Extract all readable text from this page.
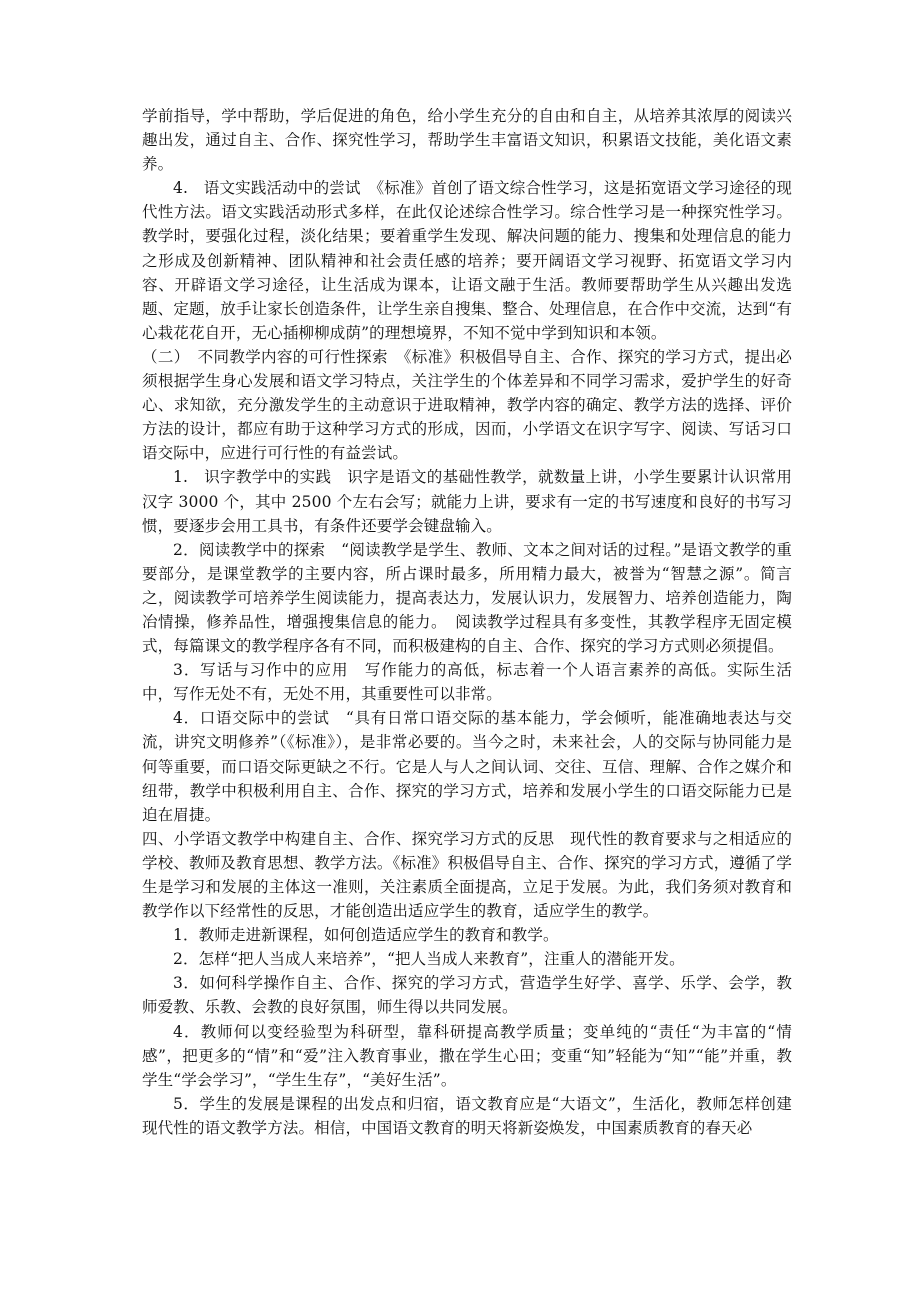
学前指导，学中帮助，学后促进的角色，给小学生充分的自由和自主，从培养其浓厚的阅读兴趣出发，通过自主、合作、探究性学习，帮助学生丰富语文知识，积累语文技能，美化语文素养。

4.　语文实践活动中的尝试　《标准》首创了语文综合性学习，这是拓宽语文学习途径的现代性方法。语文实践活动形式多样，在此仅论述综合性学习。综合性学习是一种探究性学习。教学时，要强化过程，淡化结果；要着重学生发现、解决问题的能力、搜集和处理信息的能力之形成及创新精神、团队精神和社会责任感的培养；要开阔语文学习视野、拓宽语文学习内容、开辟语文学习途径，让生活成为课本，让语文融于生活。教师要帮助学生从兴趣出发选题、定题，放手让家长创造条件，让学生亲自搜集、整合、处理信息，在合作中交流，达到“有心栽花花自开，无心插柳柳成荫”的理想境界，不知不觉中学到知识和本领。

（二）　不同教学内容的可行性探索　《标准》积极倡导自主、合作、探究的学习方式，提出必须根据学生身心发展和语文学习特点，关注学生的个体差异和不同学习需求，爱护学生的好奇心、求知欲，充分激发学生的主动意识于进取精神，教学内容的确定、教学方法的选择、评价方法的设计，都应有助于这种学习方式的形成，因而，小学语文在识字写字、阅读、写话习口语交际中，应进行可行性的有益尝试。

1.　识字教学中的实践　识字是语文的基础性教学，就数量上讲，小学生要累计认识常用汉字 3000 个，其中 2500 个左右会写；就能力上讲，要求有一定的书写速度和良好的书写习惯，要逐步会用工具书，有条件还要学会键盘输入。

2．阅读教学中的探索　“阅读教学是学生、教师、文本之间对话的过程。”是语文教学的重要部分，是课堂教学的主要内容，所占课时最多，所用精力最大，被誉为“智慧之源”。简言之，阅读教学可培养学生阅读能力，提高表达力，发展认识力，发展智力、培养创造能力，陶冶情操，修养品性，增强搜集信息的能力。　阅读教学过程具有多变性，其教学程序无固定模式，每篇课文的教学程序各有不同，而积极建构的自主、合作、探究的学习方式则必须提倡。

3．写话与习作中的应用　写作能力的高低，标志着一个人语言素养的高低。实际生活中，写作无处不有，无处不用，其重要性可以非常。

4．口语交际中的尝试　“具有日常口语交际的基本能力，学会倾听，能准确地表达与交流，讲究文明修养”（《标准》），是非常必要的。当今之时，未来社会，人的交际与协同能力是何等重要，而口语交际更缺之不行。它是人与人之间认词、交往、互信、理解、合作之媒介和纽带，教学中积极利用自主、合作、探究的学习方式，培养和发展小学生的口语交际能力已是迫在眉捷。

四、小学语文教学中构建自主、合作、探究学习方式的反思　现代性的教育要求与之相适应的学校、教师及教育思想、教学方法。《标准》积极倡导自主、合作、探究的学习方式，遵循了学生是学习和发展的主体这一准则，关注素质全面提高，立足于发展。为此，我们务须对教育和教学作以下经常性的反思，才能创造出适应学生的教育，适应学生的教学。

1．教师走进新课程，如何创造适应学生的教育和教学。

2．怎样“把人当成人来培养”，“把人当成人来教育”，注重人的潜能开发。

3．如何科学操作自主、合作、探究的学习方式，营造学生好学、喜学、乐学、会学，教师爱教、乐教、会教的良好氛围，师生得以共同发展。

4．教师何以变经验型为科研型，靠科研提高教学质量；变单纯的“责任“为丰富的“情感”，把更多的“情”和“爱”注入教育事业，撒在学生心田；变重“知”轻能为“知”“能”并重，教学生“学会学习”，“学生生存”，“美好生活”。

5．学生的发展是课程的出发点和归宿，语文教育应是“大语文”，生活化，教师怎样创建现代性的语文教学方法。相信，中国语文教育的明天将新姿焕发，中国素质教育的春天必
